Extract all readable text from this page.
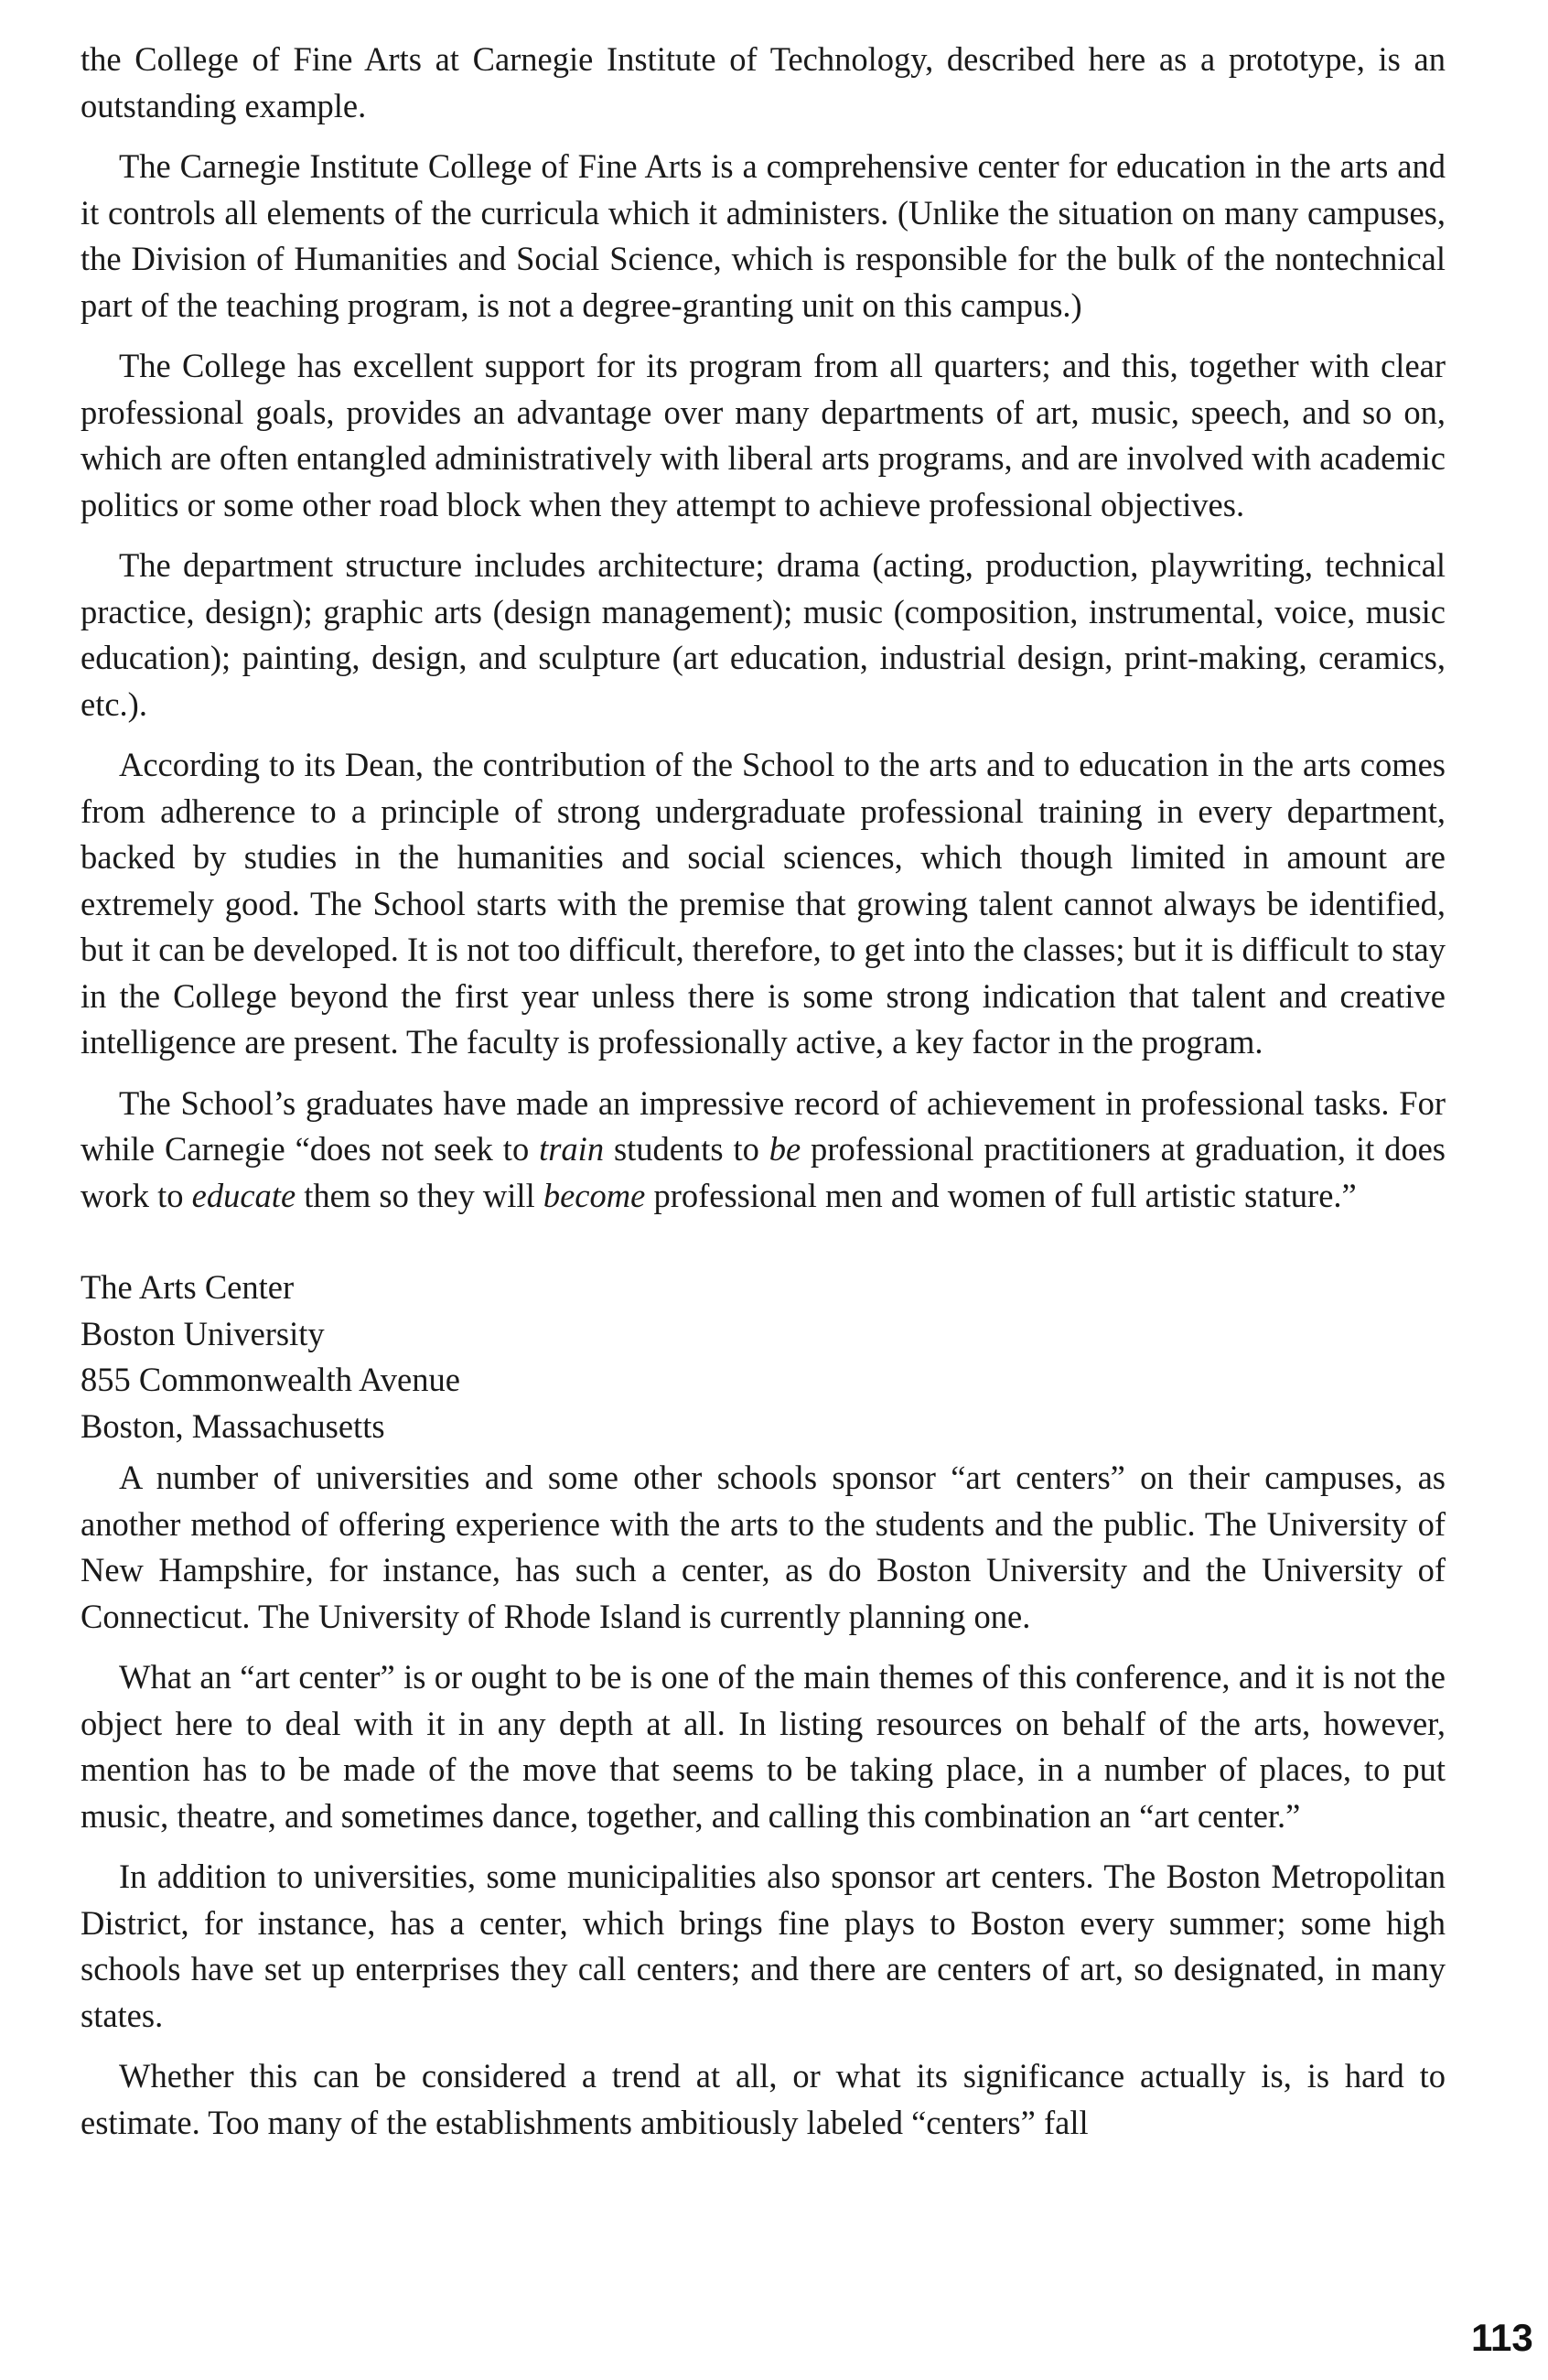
the College of Fine Arts at Carnegie Institute of Technology, described here as a prototype, is an outstanding example.

The Carnegie Institute College of Fine Arts is a comprehensive center for education in the arts and it controls all elements of the curricula which it administers. (Unlike the situation on many campuses, the Division of Humanities and Social Science, which is responsible for the bulk of the nontechnical part of the teaching program, is not a degree-granting unit on this campus.)

The College has excellent support for its program from all quarters; and this, together with clear professional goals, provides an advantage over many departments of art, music, speech, and so on, which are often entangled administratively with liberal arts programs, and are involved with academic politics or some other road block when they attempt to achieve professional objectives.

The department structure includes architecture; drama (acting, production, playwriting, technical practice, design); graphic arts (design management); music (composition, instrumental, voice, music education); painting, design, and sculpture (art education, industrial design, print-making, ceramics, etc.).

According to its Dean, the contribution of the School to the arts and to education in the arts comes from adherence to a principle of strong undergraduate professional training in every department, backed by studies in the humanities and social sciences, which though limited in amount are extremely good. The School starts with the premise that growing talent cannot always be identified, but it can be developed. It is not too difficult, therefore, to get into the classes; but it is difficult to stay in the College beyond the first year unless there is some strong indication that talent and creative intelligence are present. The faculty is professionally active, a key factor in the program.

The School’s graduates have made an impressive record of achievement in professional tasks. For while Carnegie “does not seek to train students to be professional practitioners at graduation, it does work to educate them so they will become professional men and women of full artistic stature.”

The Arts Center
Boston University
855 Commonwealth Avenue
Boston, Massachusetts

A number of universities and some other schools sponsor “art centers” on their campuses, as another method of offering experience with the arts to the students and the public. The University of New Hampshire, for instance, has such a center, as do Boston University and the University of Connecticut. The University of Rhode Island is currently planning one.

What an “art center” is or ought to be is one of the main themes of this conference, and it is not the object here to deal with it in any depth at all. In listing resources on behalf of the arts, however, mention has to be made of the move that seems to be taking place, in a number of places, to put music, theatre, and sometimes dance, together, and calling this combination an “art center.”

In addition to universities, some municipalities also sponsor art centers. The Boston Metropolitan District, for instance, has a center, which brings fine plays to Boston every summer; some high schools have set up enterprises they call centers; and there are centers of art, so designated, in many states.

Whether this can be considered a trend at all, or what its significance actually is, is hard to estimate. Too many of the establishments ambitiously labeled “centers” fall

113
